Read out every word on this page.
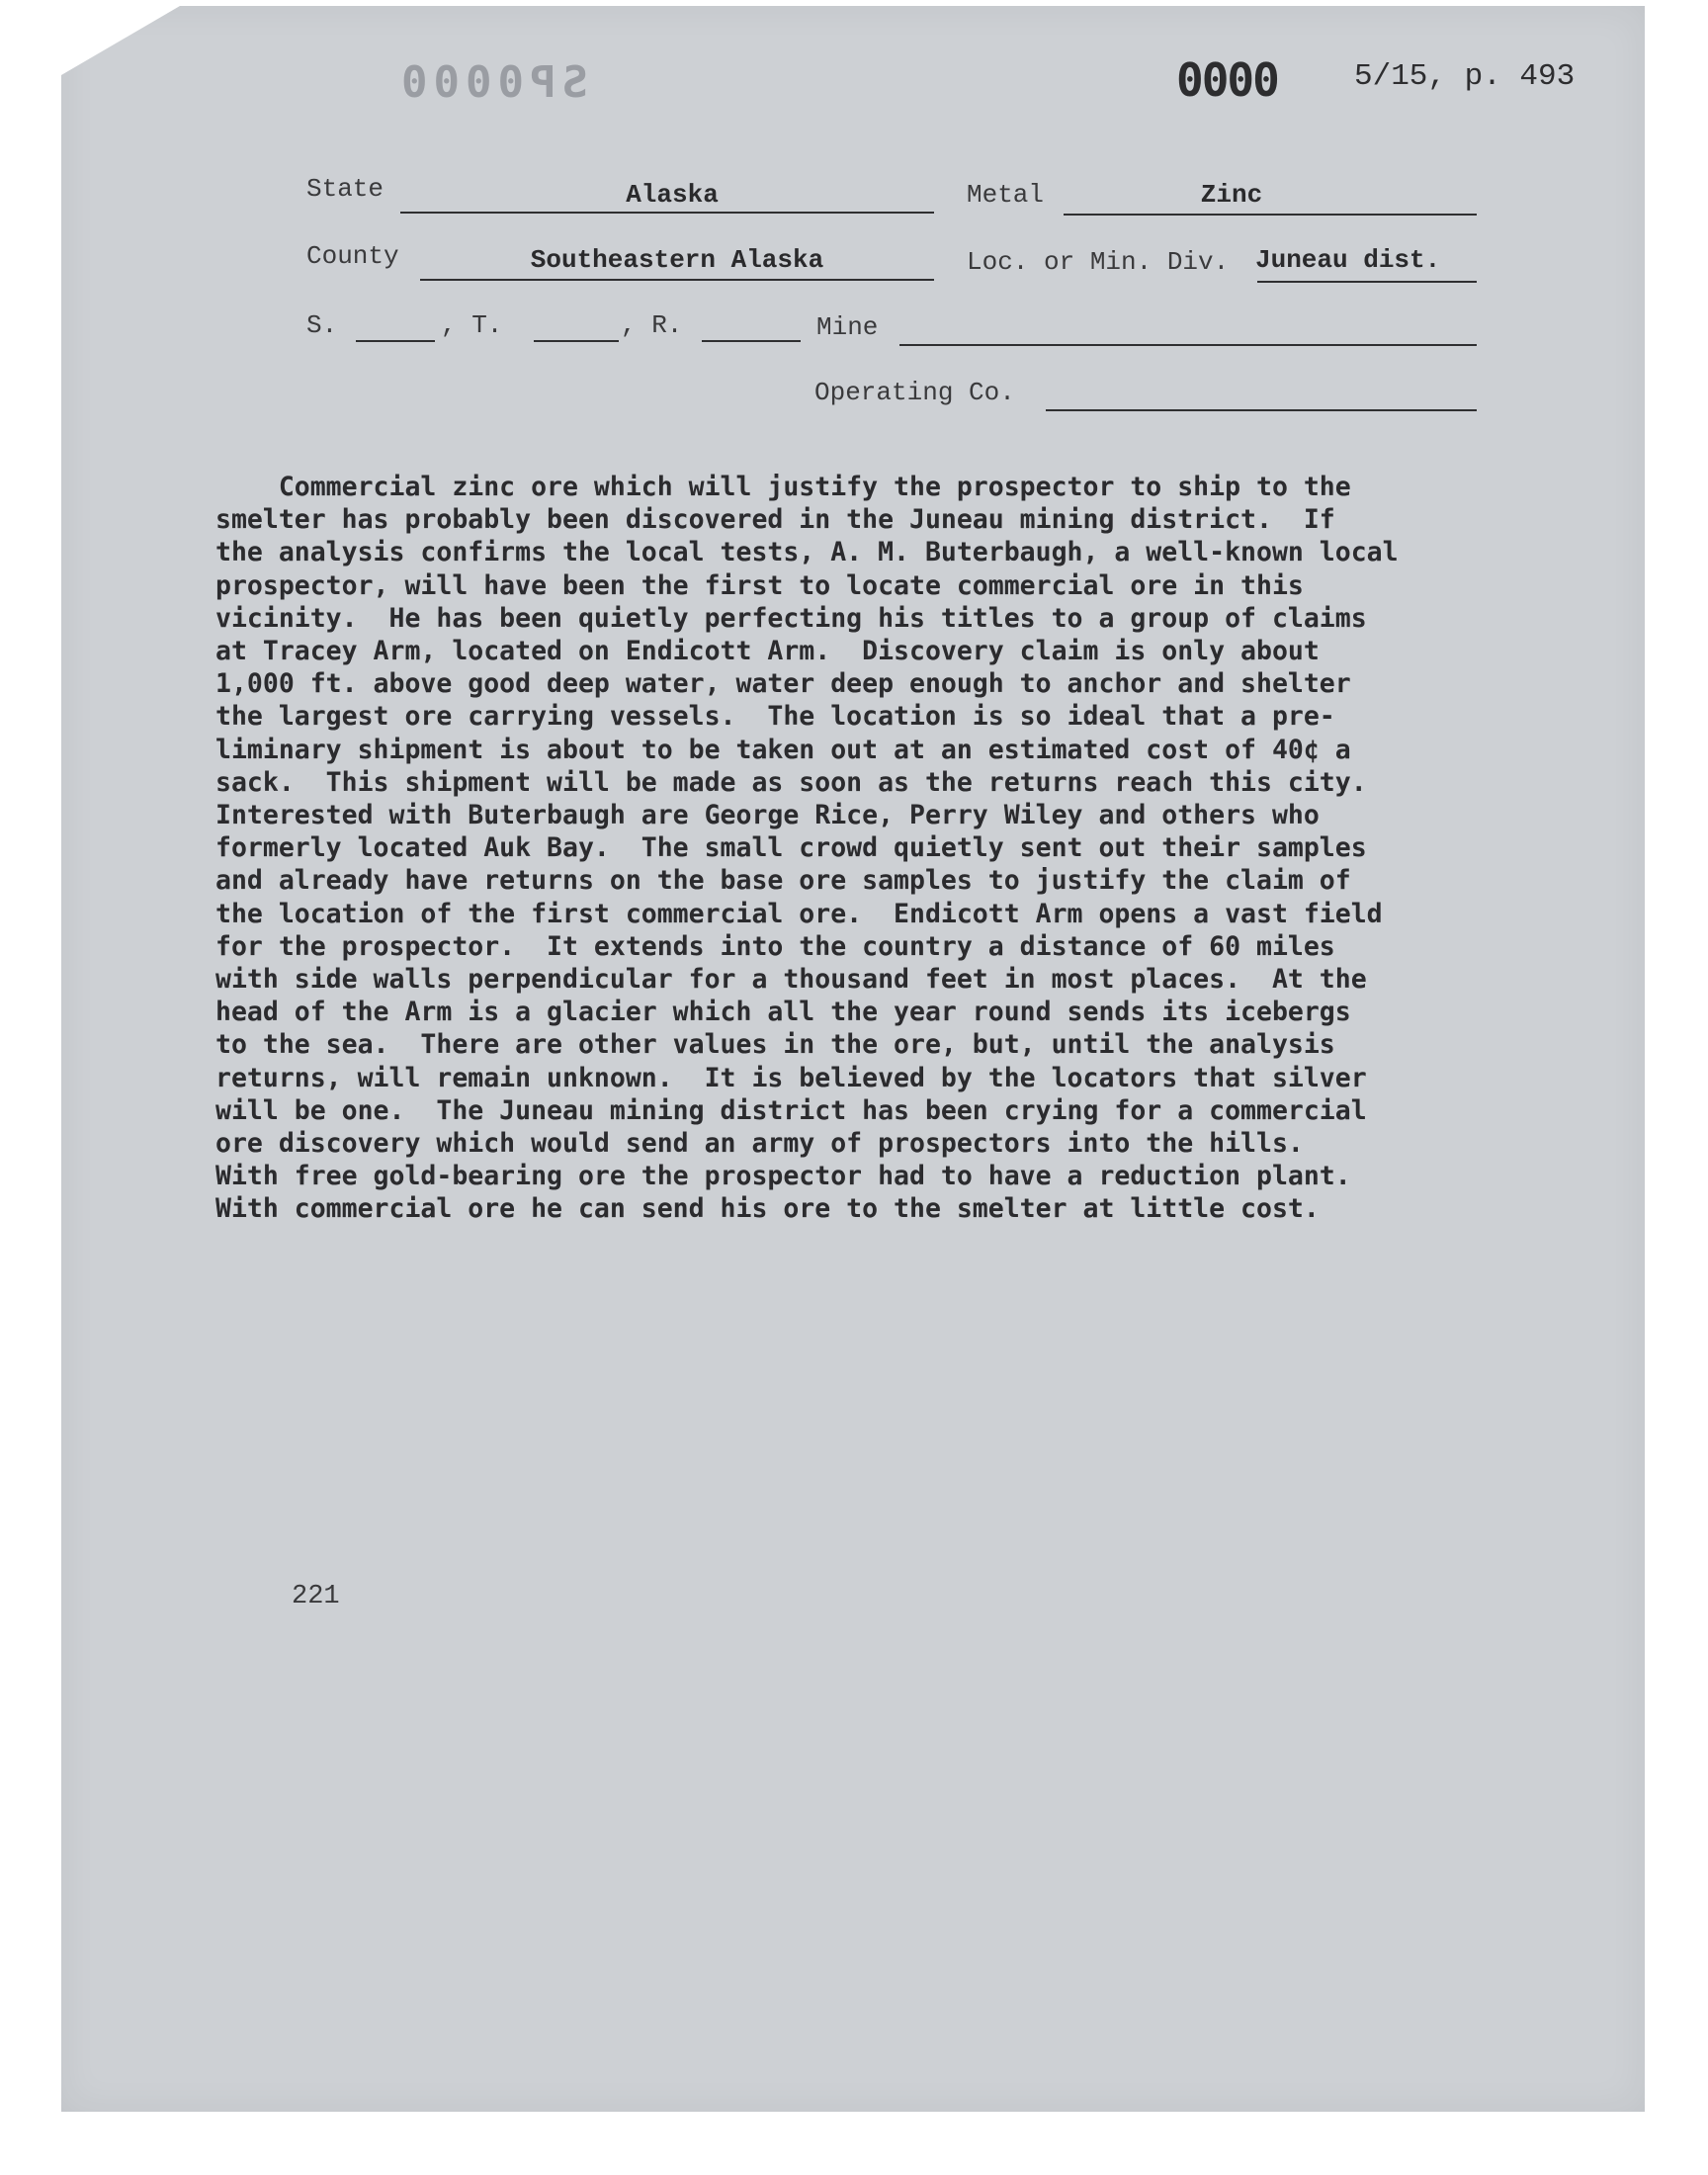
SP0000	0000 5/15, p. 493
State	Alaska	Metal	Zinc
County	Southeastern Alaska	Loc. or Min. Div. Juneau dist.
S.	, T.	, R.	Mine
Operating Co.
Commercial zinc ore which will justify the prospector to ship to the
smelter has probably been discovered in the Juneau mining district.  If
the analysis confirms the local tests, A. M. Buterbaugh, a well-known local
prospector, will have been the first to locate commercial ore in this
vicinity.  He has been quietly perfecting his titles to a group of claims
at Tracey Arm, located on Endicott Arm.  Discovery claim is only about
1,000 ft. above good deep water, water deep enough to anchor and shelter
the largest ore carrying vessels.  The location is so ideal that a pre-
liminary shipment is about to be taken out at an estimated cost of 40¢ a
sack.  This shipment will be made as soon as the returns reach this city.
Interested with Buterbaugh are George Rice, Perry Wiley and others who
formerly located Auk Bay.  The small crowd quietly sent out their samples
and already have returns on the base ore samples to justify the claim of
the location of the first commercial ore.  Endicott Arm opens a vast field
for the prospector.  It extends into the country a distance of 60 miles
with side walls perpendicular for a thousand feet in most places.  At the
head of the Arm is a glacier which all the year round sends its icebergs
to the sea.  There are other values in the ore, but, until the analysis
returns, will remain unknown.  It is believed by the locators that silver
will be one.  The Juneau mining district has been crying for a commercial
ore discovery which would send an army of prospectors into the hills.
With free gold-bearing ore the prospector had to have a reduction plant.
With commercial ore he can send his ore to the smelter at little cost.
221
